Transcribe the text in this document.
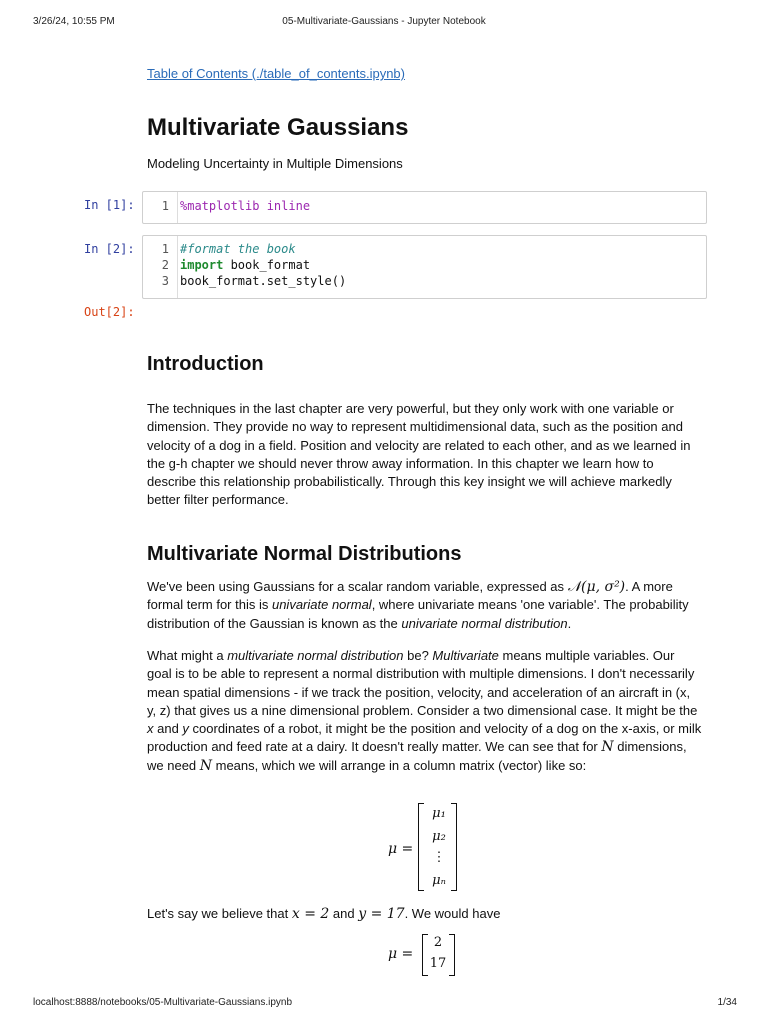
3/26/24, 10:55 PM	05-Multivariate-Gaussians - Jupyter Notebook
Table of Contents (./table_of_contents.ipynb)
Multivariate Gaussians
Modeling Uncertainty in Multiple Dimensions
In [1]:	1 %matplotlib inline
In [2]:	1
2
3
#format the book
import book_format
book_format.set_style()
Out[2]:
Introduction

The techniques in the last chapter are very powerful, but they only work with one variable or dimension. They provide no way to represent multidimensional data, such as the position and velocity of a dog in a field. Position and velocity are related to each other, and as we learned in the g-h chapter we should never throw away information. In this chapter we learn how to describe this relationship probabilistically. Through this key insight we will achieve markedly better filter performance.

Multivariate Normal Distributions

We've been using Gaussians for a scalar random variable, expressed as 𝒩(μ, σ²). A more formal term for this is univariate normal, where univariate means 'one variable'. The probability distribution of the Gaussian is known as the univariate normal distribution.

What might a multivariate normal distribution be? Multivariate means multiple variables. Our goal is to be able to represent a normal distribution with multiple dimensions. I don't necessarily mean spatial dimensions - if we track the position, velocity, and acceleration of an aircraft in (x, y, z) that gives us a nine dimensional problem. Consider a two dimensional case. It might be the x and y coordinates of a robot, it might be the position and velocity of a dog on the x-axis, or milk production and feed rate at a dairy. It doesn't really matter. We can see that for N dimensions, we need N means, which we will arrange in a column matrix (vector) like so:

μ =
μ₁
μ₂
⋮
μₙ

Let's say we believe that x = 2 and y = 17. We would have

μ =
2
17
localhost:8888/notebooks/05-Multivariate-Gaussians.ipynb	1/34
